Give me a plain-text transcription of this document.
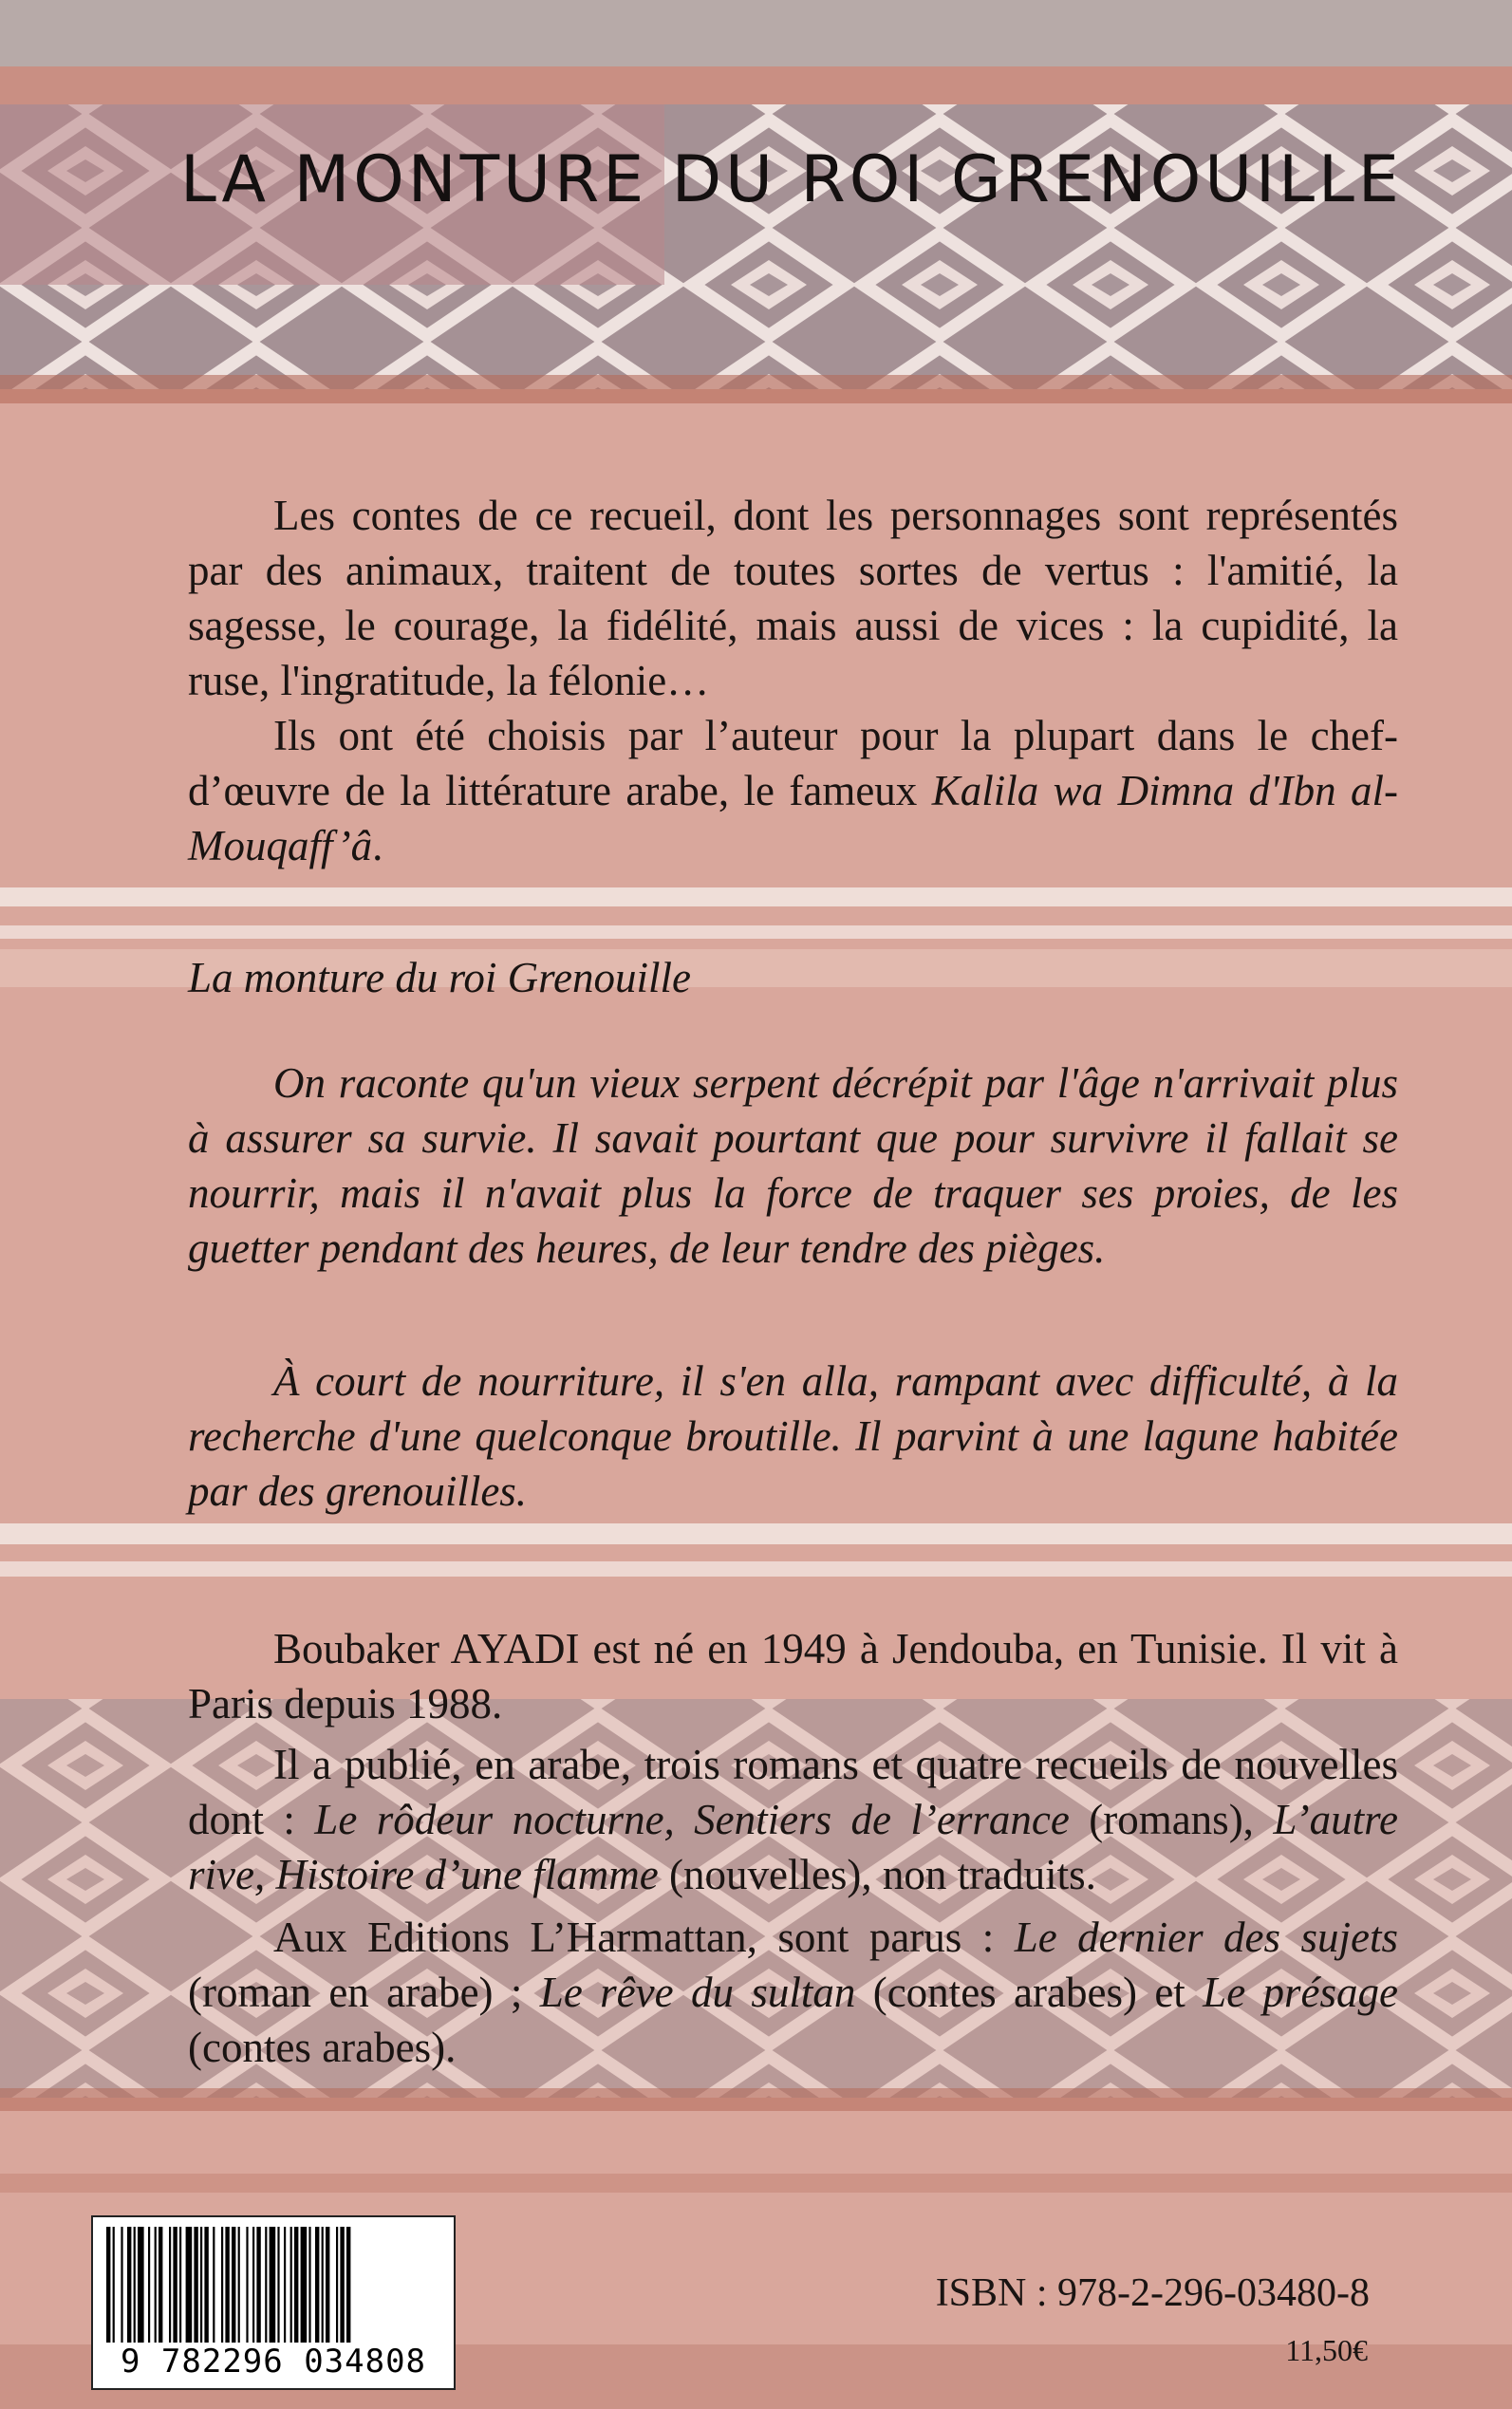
LA MONTURE DU ROI GRENOUILLE

  Les contes de ce recueil, dont les personnages sont représentés par des animaux, traitent de toutes sortes de vertus : l'amitié, la sagesse, le courage, la fidélité, mais aussi de vices : la cupidité, la ruse, l'ingratitude, la félonie…

  Ils ont été choisis par l’auteur pour la plupart dans le chef-d’œuvre de la littérature arabe, le fameux Kalila wa Dimna d'Ibn al-Mouqaff’â.

La monture du roi Grenouille

  On raconte qu'un vieux serpent décrépit par l'âge n'arrivait plus à assurer sa survie. Il savait pourtant que pour survivre il fallait se nourrir, mais il n'avait plus la force de traquer ses proies, de les guetter pendant des heures, de leur tendre des pièges.

  À court de nourriture, il s'en alla, rampant avec difficulté, à la recherche d'une quelconque broutille. Il parvint à une lagune habitée par des grenouilles.

  Boubaker AYADI est né en 1949 à Jendouba, en Tunisie. Il vit à Paris depuis 1988.

  Il a publié, en arabe, trois romans et quatre recueils de nouvelles dont : Le rôdeur nocturne, Sentiers de l’errance (romans), L’autre rive, Histoire d’une flamme (nouvelles), non traduits.

  Aux Editions L’Harmattan, sont parus : Le dernier des sujets (roman en arabe) ; Le rêve du sultan (contes arabes) et Le présage (contes arabes).

9 782296 034808

ISBN : 978-2-296-03480-8

11,50€
